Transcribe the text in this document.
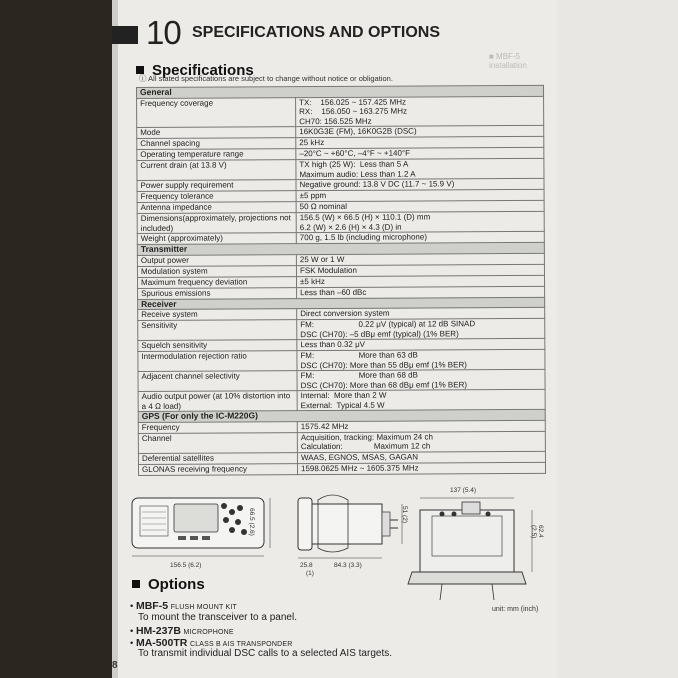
10 SPECIFICATIONS AND OPTIONS
■ MBF-5 installation
Specifications
ⓘ All stated specifications are subject to change without notice or obligation.
General	
Frequency coverage	TX:    156.025 ~ 157.425 MHz
RX:    156.050 ~ 163.275 MHz
CH70: 156.525 MHz

Mode	16K0G3E (FM), 16K0G2B (DSC)

Channel spacing	25 kHz

Operating temperature range	–20°C ~ +60°C, –4°F ~ +140°F

Current drain (at 13.8 V)	TX high (25 W):  Less than 5 A
Maximum audio: Less than 1.2 A

Power supply requirement	Negative ground: 13.8 V DC (11.7 ~ 15.9 V)

Frequency tolerance	±5 ppm

Antenna impedance	50 Ω nominal

Dimensions(approximately, projections not included)	156.5 (W) × 66.5 (H) × 110.1 (D) mm
6.2 (W) × 2.6 (H) × 4.3 (D) in

Weight (approximately)	700 g, 1.5 lb (including microphone)

Transmitter	
Output power	25 W or 1 W

Modulation system	FSK Modulation

Maximum frequency deviation	±5 kHz

Spurious emissions	Less than –60 dBc

Receiver	
Receive system	Direct conversion system

Sensitivity	FM:                    0.22 μV (typical) at 12 dB SINAD
DSC (CH70): –5 dBμ emf (typical) (1% BER)

Squelch sensitivity	Less than 0.32 μV

Intermodulation rejection ratio	FM:                    More than 63 dB
DSC (CH70): More than 55 dBμ emf (1% BER)

Adjacent channel selectivity	FM:                    More than 68 dB
DSC (CH70): More than 68 dBμ emf (1% BER)

Audio output power (at 10% distortion into a 4 Ω load)	Internal:  More than 2 W
External:  Typical 4.5 W

GPS (For only the IC-M220G)	
Frequency	1575.42 MHz

Channel	Acquisition, tracking: Maximum 24 ch
Calculation:              Maximum 12 ch

Deferential satellites	WAAS, EGNOS, MSAS, GAGAN

GLONAS receiving frequency	1598.0625 MHz ~ 1605.375 MHz
156.5 (6.2)
66.5 (2.6)
25.8
(1)
84.3 (3.3)
51 (2)
137 (5.4)
62.4 (2.5)
unit: mm (inch)
Options
• MBF-5 FLUSH MOUNT KIT
To mount the transceiver to a panel.
• HM-237B MICROPHONE
• MA-500TR CLASS B AIS TRANSPONDER
To transmit individual DSC calls to a selected AIS targets.
8
